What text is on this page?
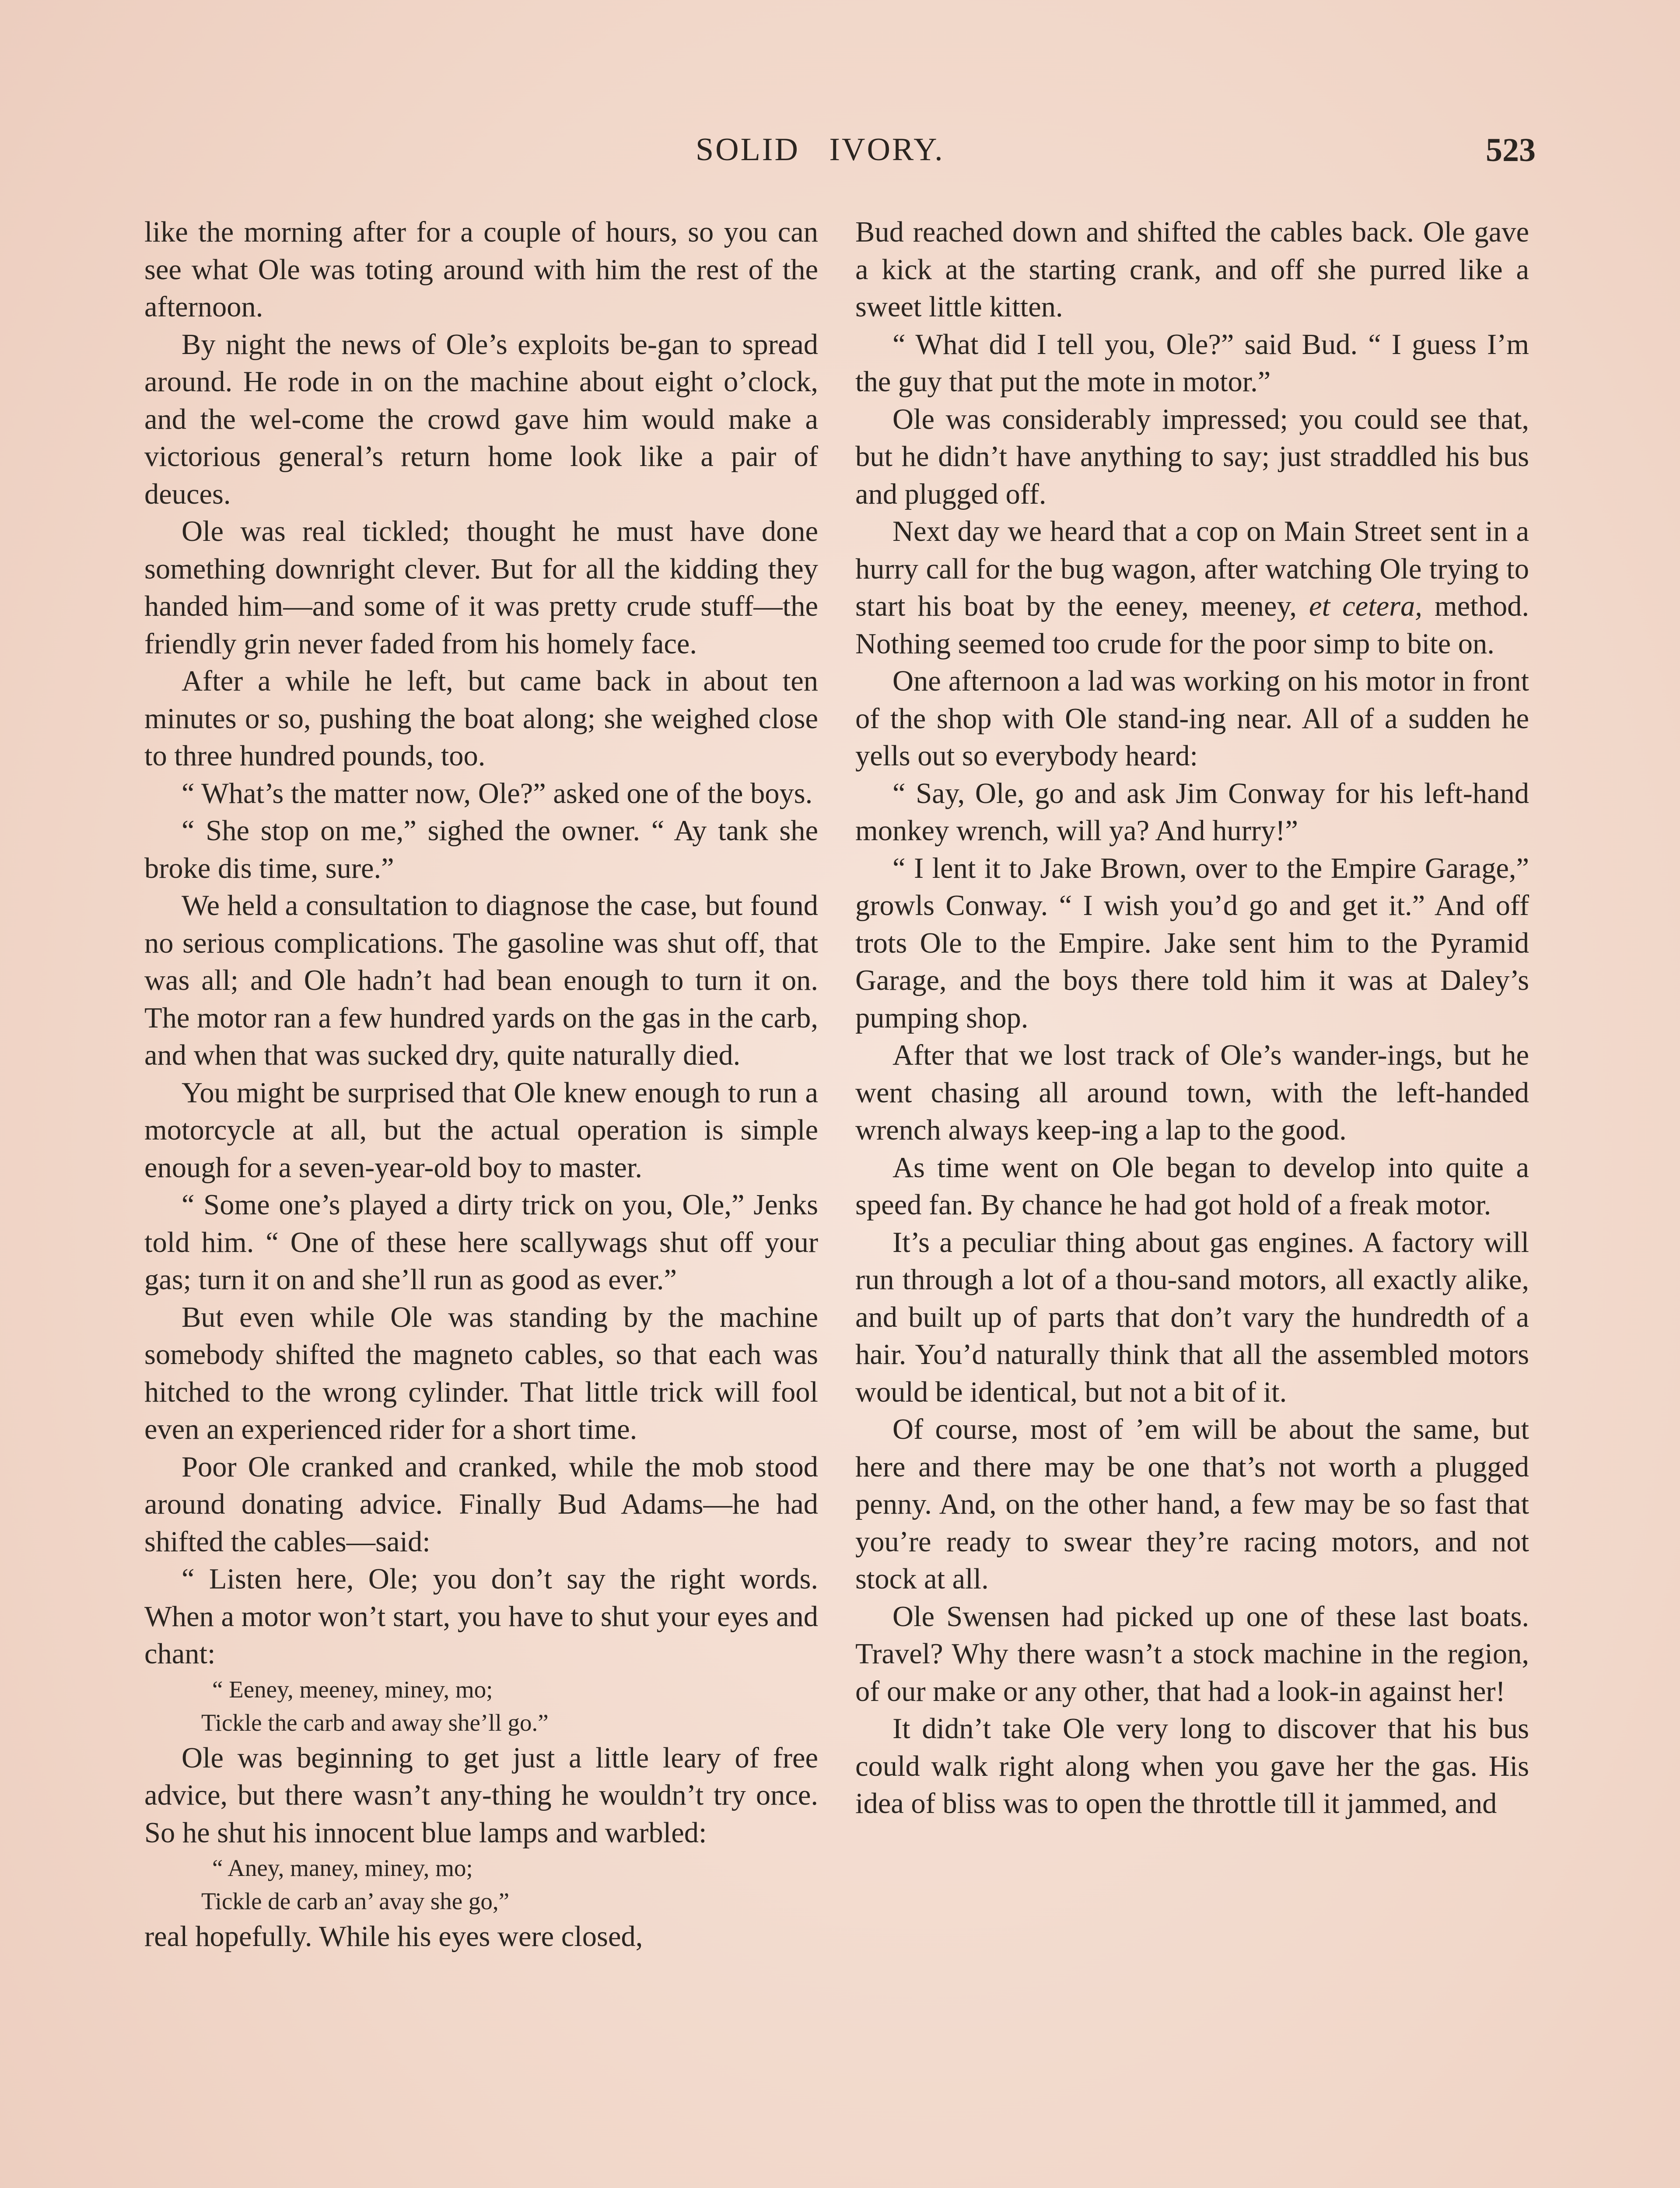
SOLID   IVORY.	523

like the morning after for a couple of hours, so you can see what Ole was toting around with him the rest of the afternoon.

By night the news of Ole’s exploits be-gan to spread around. He rode in on the machine about eight o’clock, and the wel-come the crowd gave him would make a victorious general’s return home look like a pair of deuces.

Ole was real tickled; thought he must have done something downright clever. But for all the kidding they handed him—and some of it was pretty crude stuff—the friendly grin never faded from his homely face.

After a while he left, but came back in about ten minutes or so, pushing the boat along; she weighed close to three hundred pounds, too.

“ What’s the matter now, Ole?” asked one of the boys.

“ She stop on me,” sighed the owner. “ Ay tank she broke dis time, sure.”

We held a consultation to diagnose the case, but found no serious complications. The gasoline was shut off, that was all; and Ole hadn’t had bean enough to turn it on. The motor ran a few hundred yards on the gas in the carb, and when that was sucked dry, quite naturally died.

You might be surprised that Ole knew enough to run a motorcycle at all, but the actual operation is simple enough for a seven-year-old boy to master.

“ Some one’s played a dirty trick on you, Ole,” Jenks told him. “ One of these here scallywags shut off your gas; turn it on and she’ll run as good as ever.”

But even while Ole was standing by the machine somebody shifted the magneto cables, so that each was hitched to the wrong cylinder. That little trick will fool even an experienced rider for a short time.

Poor Ole cranked and cranked, while the mob stood around donating advice. Finally Bud Adams—he had shifted the cables—said:

“ Listen here, Ole; you don’t say the right words. When a motor won’t start, you have to shut your eyes and chant:

“ Eeney, meeney, miney, mo;
Tickle the carb and away she’ll go.”

Ole was beginning to get just a little leary of free advice, but there wasn’t any-thing he wouldn’t try once. So he shut his innocent blue lamps and warbled:

“ Aney, maney, miney, mo;
Tickle de carb an’ avay she go,”

real hopefully. While his eyes were closed,

Bud reached down and shifted the cables back. Ole gave a kick at the starting crank, and off she purred like a sweet little kitten.

“ What did I tell you, Ole?” said Bud. “ I guess I’m the guy that put the mote in motor.”

Ole was considerably impressed; you could see that, but he didn’t have anything to say; just straddled his bus and plugged off.

Next day we heard that a cop on Main Street sent in a hurry call for the bug wagon, after watching Ole trying to start his boat by the eeney, meeney, et cetera, method. Nothing seemed too crude for the poor simp to bite on.

One afternoon a lad was working on his motor in front of the shop with Ole stand-ing near. All of a sudden he yells out so everybody heard:

“ Say, Ole, go and ask Jim Conway for his left-hand monkey wrench, will ya? And hurry!”

“ I lent it to Jake Brown, over to the Empire Garage,” growls Conway. “ I wish you’d go and get it.” And off trots Ole to the Empire. Jake sent him to the Pyramid Garage, and the boys there told him it was at Daley’s pumping shop.

After that we lost track of Ole’s wander-ings, but he went chasing all around town, with the left-handed wrench always keep-ing a lap to the good.

As time went on Ole began to develop into quite a speed fan. By chance he had got hold of a freak motor.

It’s a peculiar thing about gas engines. A factory will run through a lot of a thou-sand motors, all exactly alike, and built up of parts that don’t vary the hundredth of a hair. You’d naturally think that all the assembled motors would be identical, but not a bit of it.

Of course, most of ’em will be about the same, but here and there may be one that’s not worth a plugged penny. And, on the other hand, a few may be so fast that you’re ready to swear they’re racing motors, and not stock at all.

Ole Swensen had picked up one of these last boats. Travel? Why there wasn’t a stock machine in the region, of our make or any other, that had a look-in against her!

It didn’t take Ole very long to discover that his bus could walk right along when you gave her the gas. His idea of bliss was to open the throttle till it jammed, and
